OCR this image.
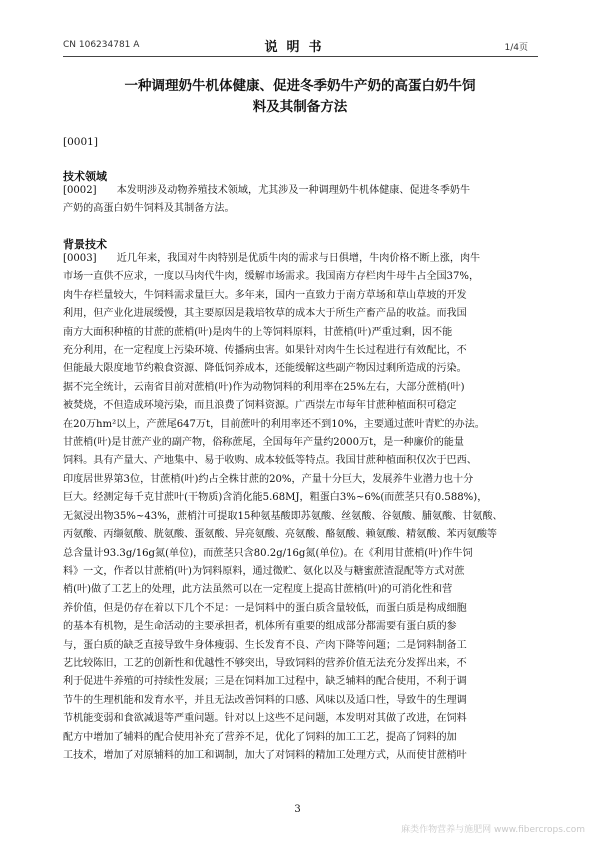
CN 106234781 A	说明书	1/4页
一种调理奶牛机体健康、促进冬季奶牛产奶的高蛋白奶牛饲
料及其制备方法
[0001]
技术领域
[0002]   本发明涉及动物养殖技术领域，尤其涉及一种调理奶牛机体健康、促进冬季奶牛
产奶的高蛋白奶牛饲料及其制备方法。
背景技术
[0003]   近几年来，我国对牛肉特别是优质牛肉的需求与日俱增，牛肉价格不断上涨，肉牛
市场一直供不应求，一度以马肉代牛肉，缓解市场需求。我国南方存栏肉牛母牛占全国37%，
肉牛存栏量较大，牛饲料需求量巨大。多年来，国内一直致力于南方草场和草山草坡的开发
利用，但产业化进展缓慢，其主要原因是栽培牧草的成本大于所生产畜产品的收益。而我国
南方大面积种植的甘蔗的蔗梢(叶)是肉牛的上等饲料原料，甘蔗梢(叶)严重过剩，因不能
充分利用，在一定程度上污染环境、传播病虫害。如果针对肉牛生长过程进行有效配比，不
但能最大限度地节约粮食资源、降低饲养成本，还能缓解这些副产物因过剩所造成的污染。
据不完全统计，云南省目前对蔗梢(叶)作为动物饲料的利用率在25%左右，大部分蔗梢(叶)
被焚烧，不但造成环境污染，而且浪费了饲料资源。广西崇左市每年甘蔗种植面积可稳定
在20万hm²以上，产蔗尾647万t，目前蔗叶的利用率还不到10%，主要通过蔗叶青贮的办法。
甘蔗梢(叶)是甘蔗产业的副产物，俗称蔗尾，全国每年产量约2000万t，是一种廉价的能量
饲料。具有产量大、产地集中、易于收购、成本较低等特点。我国甘蔗种植面积仅次于巴西、
印度居世界第3位，甘蔗梢(叶)约占全株甘蔗的20%，产量十分巨大，发展养牛业潜力也十分
巨大。经测定每千克甘蔗叶(干物质)含消化能5.68MJ，粗蛋白3%~6%(而蔗茎只有0.588%)，
无氮浸出物35%~43%，蔗梢汁可提取15种氨基酸即苏氨酸、丝氨酸、谷氨酸、脯氨酸、甘氨酸、
丙氨酸、丙缬氨酸、胱氨酸、蛋氨酸、异亮氨酸、亮氨酸、酪氨酸、赖氨酸、精氨酸、苯丙氨酸等
总含量计93.3g/16g氮(单位)，而蔗茎只含80.2g/16g氮(单位)。在《利用甘蔗梢(叶)作牛饲
料》一文，作者以甘蔗梢(叶)为饲料原料，通过微贮、氨化以及与糖蜜蔗渣混配等方式对蔗
梢(叶)做了工艺上的处理，此方法虽然可以在一定程度上提高甘蔗梢(叶)的可消化性和营
养价值，但是仍存在着以下几个不足：一是饲料中的蛋白质含量较低，而蛋白质是构成细胞
的基本有机物，是生命活动的主要承担者，机体所有重要的组成部分都需要有蛋白质的参
与，蛋白质的缺乏直接导致牛身体瘦弱、生长发育不良、产肉下降等问题；二是饲料制备工
艺比较陈旧，工艺的创新性和优越性不够突出，导致饲料的营养价值无法充分发挥出来，不
利于促进牛养殖的可持续性发展；三是在饲料加工过程中，缺乏辅料的配合使用，不利于调
节牛的生理机能和发育水平，并且无法改善饲料的口感、风味以及适口性，导致牛的生理调
节机能变弱和食欲减退等严重问题。针对以上这些不足问题，本发明对其做了改进，在饲料
配方中增加了辅料的配合使用补充了营养不足，优化了饲料的加工工艺，提高了饲料的加
工技术，增加了对原辅料的加工和调制，加大了对饲料的精加工处理方式，从而使甘蔗梢叶
3
麻类作物营养与施肥网 www.fibercrops.com
